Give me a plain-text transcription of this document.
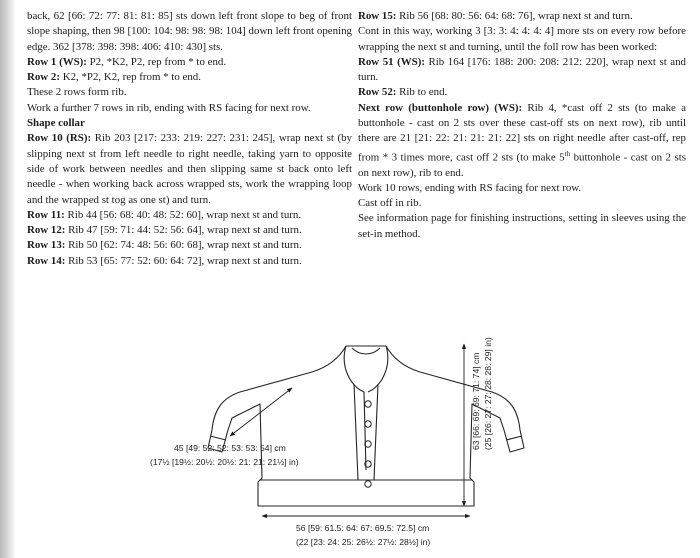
back, 62 [66: 72: 77: 81: 81: 85] sts down left front slope to beg of front slope shaping, then 98 [100: 104: 98: 98: 98: 104] down left front opening edge. 362 [378: 398: 398: 406: 410: 430] sts.

Row 1 (WS): P2, *K2, P2, rep from * to end.

Row 2: K2, *P2, K2, rep from * to end.

These 2 rows form rib.

Work a further 7 rows in rib, ending with RS facing for next row.

Shape collar

Row 10 (RS): Rib 203 [217: 233: 219: 227: 231: 245], wrap next st (by slipping next st from left needle to right needle, taking yarn to opposite side of work between needles and then slipping same st back onto left needle - when working back across wrapped sts, work the wrapping loop and the wrapped st tog as one st) and turn.

Row 11: Rib 44 [56: 68: 40: 48: 52: 60], wrap next st and turn.

Row 12: Rib 47 [59: 71: 44: 52: 56: 64], wrap next st and turn.

Row 13: Rib 50 [62: 74: 48: 56: 60: 68], wrap next st and turn.

Row 14: Rib 53 [65: 77: 52: 60: 64: 72], wrap next st and turn.

Row 15: Rib 56 [68: 80: 56: 64: 68: 76], wrap next st and turn.

Cont in this way, working 3 [3: 3: 4: 4: 4: 4] more sts on every row before wrapping the next st and turning, until the foll row has been worked:

Row 51 (WS): Rib 164 [176: 188: 200: 208: 212: 220], wrap next st and turn.

Row 52: Rib to end.

Next row (buttonhole row) (WS): Rib 4, *cast off 2 sts (to make a buttonhole - cast on 2 sts over these cast-off sts on next row), rib until there are 21 [21: 22: 21: 21: 21: 22] sts on right needle after cast-off, rep from * 3 times more, cast off 2 sts (to make 5th buttonhole - cast on 2 sts on next row), rib to end.

Work 10 rows, ending with RS facing for next row.

Cast off in rib.

See information page for finishing instructions, setting in sleeves using the set-in method.

45 [49: 52: 52: 53: 53: 54] cm
(17½ [19½: 20½: 20½: 21: 21: 21½] in)
56 [59: 61.5: 64: 67: 69.5: 72.5] cm
(22 [23: 24: 25: 26½: 27½: 28½] in)
63 [66: 69: 69: 71: 74] cm (25 [26: 27: 27: 28: 28: 29] in)
